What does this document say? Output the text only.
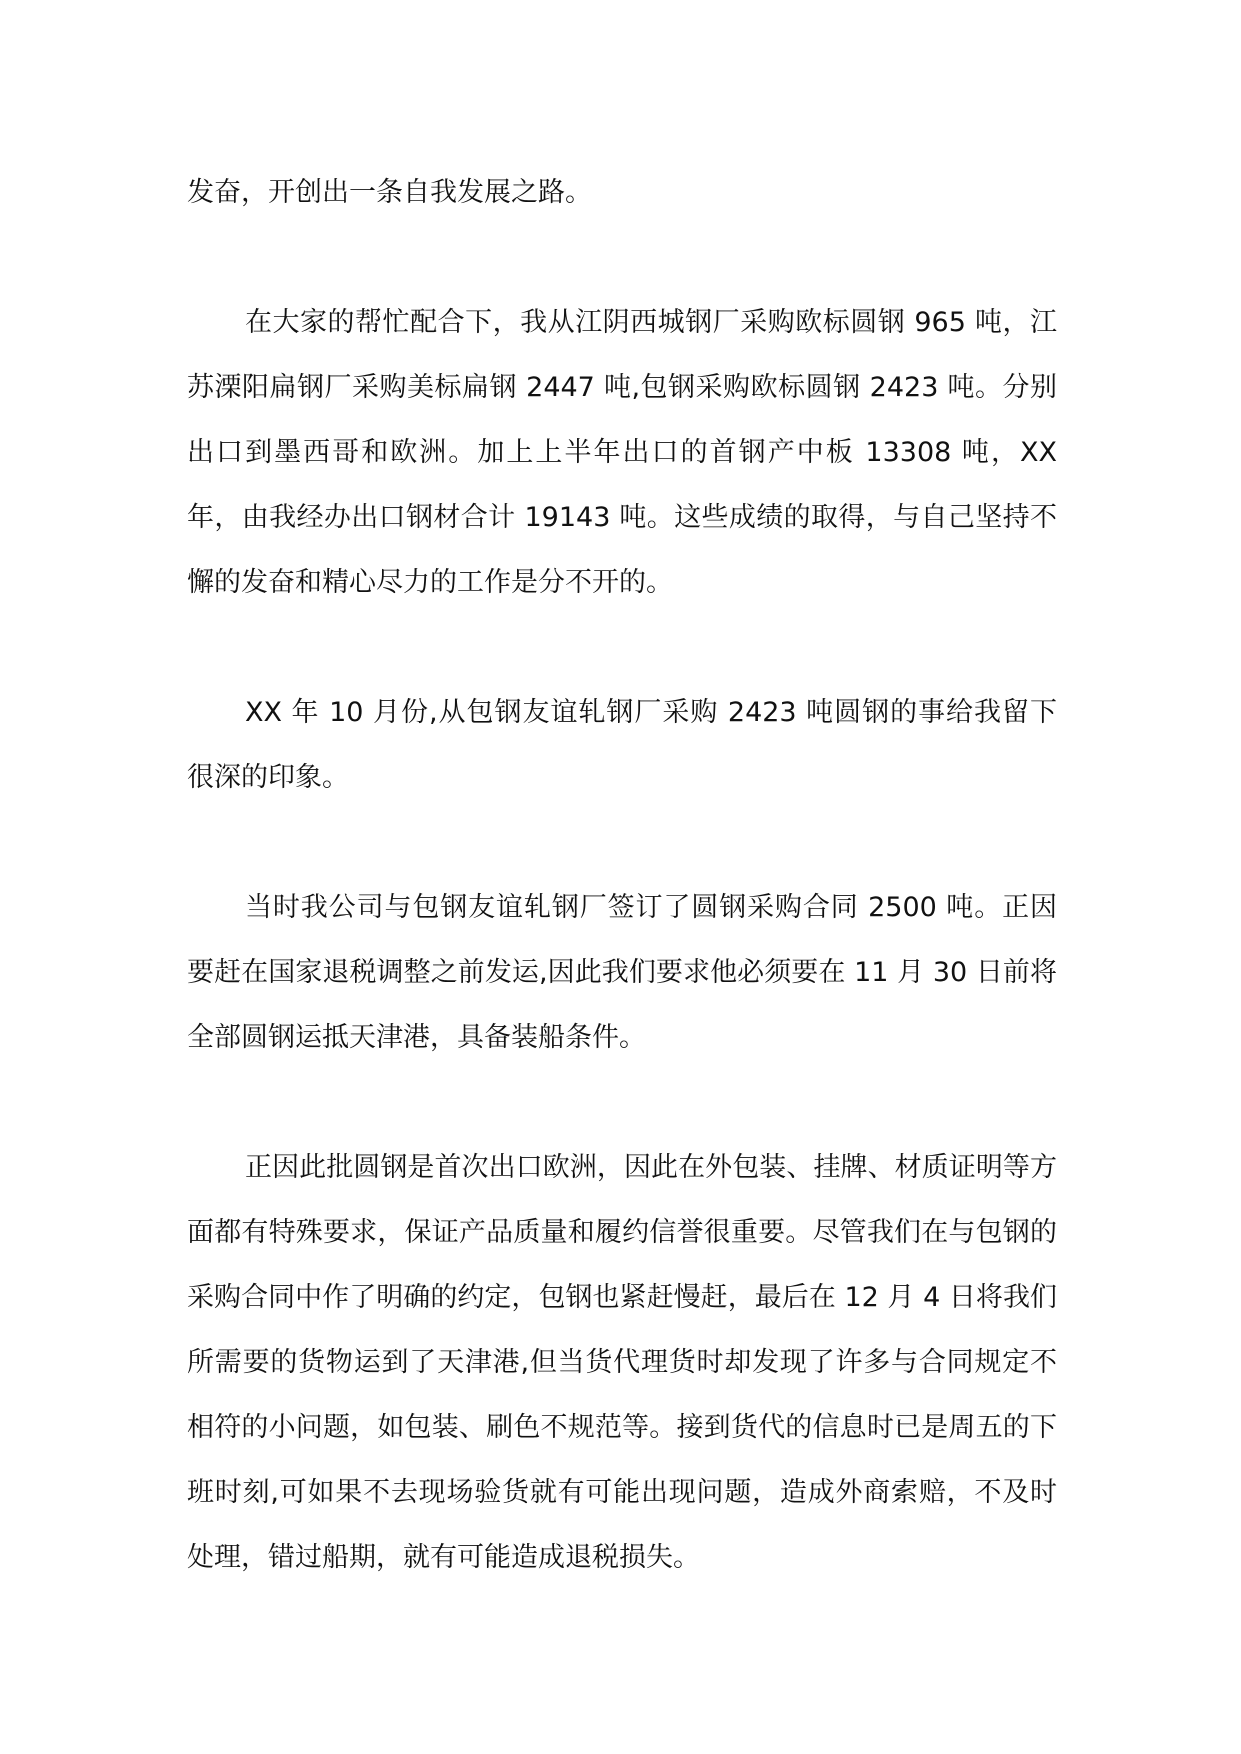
发奋，开创出一条自我发展之路。

在大家的帮忙配合下，我从江阴西城钢厂采购欧标圆钢 965 吨，江苏溧阳扁钢厂采购美标扁钢 2447 吨,包钢采购欧标圆钢 2423 吨。分别出口到墨西哥和欧洲。加上上半年出口的首钢产中板 13308 吨，XX 年，由我经办出口钢材合计 19143 吨。这些成绩的取得，与自己坚持不懈的发奋和精心尽力的工作是分不开的。

XX 年 10 月份,从包钢友谊轧钢厂采购 2423 吨圆钢的事给我留下很深的印象。

当时我公司与包钢友谊轧钢厂签订了圆钢采购合同 2500 吨。正因要赶在国家退税调整之前发运,因此我们要求他必须要在 11 月 30 日前将全部圆钢运抵天津港，具备装船条件。

正因此批圆钢是首次出口欧洲，因此在外包装、挂牌、材质证明等方面都有特殊要求，保证产品质量和履约信誉很重要。尽管我们在与包钢的采购合同中作了明确的约定，包钢也紧赶慢赶，最后在 12 月 4 日将我们所需要的货物运到了天津港,但当货代理货时却发现了许多与合同规定不相符的小问题，如包装、刷色不规范等。接到货代的信息时已是周五的下班时刻,可如果不去现场验货就有可能出现问题，造成外商索赔，不及时处理，错过船期，就有可能造成退税损失。
